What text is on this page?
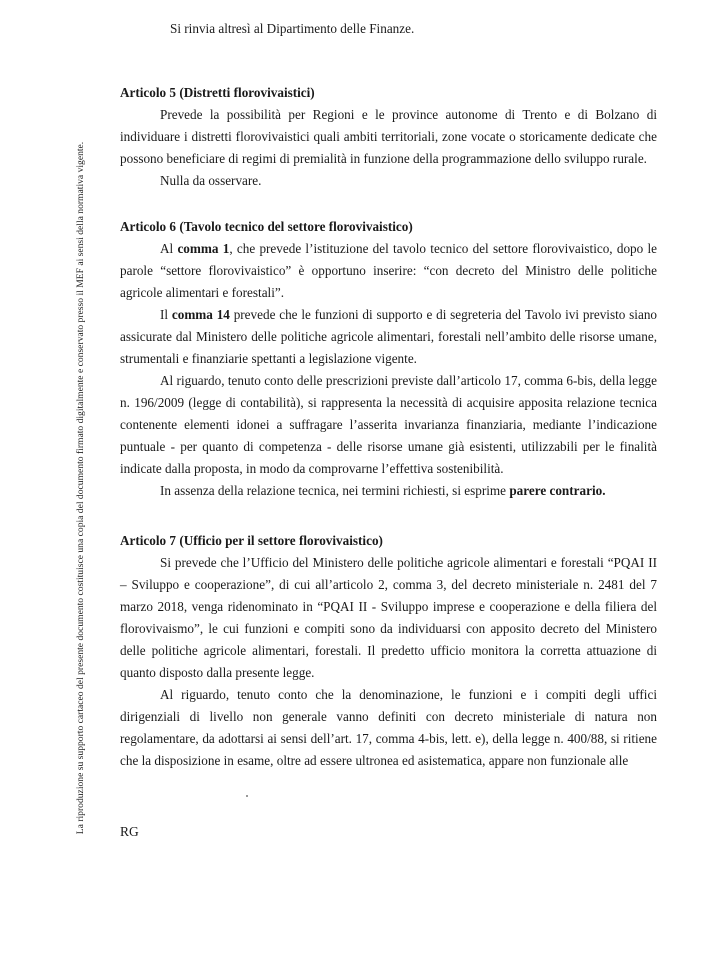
La riproduzione su supporto cartaceo del presente documento costituisce una copia del documento firmato digitalmente e conservato presso il MEF ai sensi della normativa vigente.

Si rinvia altresì al Dipartimento delle Finanze.

Articolo 5 (Distretti florovivaistici)

Prevede la possibilità per Regioni e le province autonome di Trento e di Bolzano di individuare i distretti florovivaistici quali ambiti territoriali, zone vocate o storicamente dedicate che possono beneficiare di regimi di premialità in funzione della programmazione dello sviluppo rurale.

Nulla da osservare.

Articolo 6 (Tavolo tecnico del settore florovivaistico)

Al comma 1, che prevede l’istituzione del tavolo tecnico del settore florovivaistico, dopo le parole “settore florovivaistico” è opportuno inserire: “con decreto del Ministro delle politiche agricole alimentari e forestali”.

Il comma 14 prevede che le funzioni di supporto e di segreteria del Tavolo ivi previsto siano assicurate dal Ministero delle politiche agricole alimentari, forestali nell’ambito delle risorse umane, strumentali e finanziarie spettanti a legislazione vigente.

Al riguardo, tenuto conto delle prescrizioni previste dall’articolo 17, comma 6-bis, della legge n. 196/2009 (legge di contabilità), si rappresenta la necessità di acquisire apposita relazione tecnica contenente elementi idonei a suffragare l’asserita invarianza finanziaria, mediante l’indicazione puntuale - per quanto di competenza - delle risorse umane già esistenti, utilizzabili per le finalità indicate dalla proposta, in modo da comprovarne l’effettiva sostenibilità.

In assenza della relazione tecnica, nei termini richiesti, si esprime parere contrario.

Articolo 7 (Ufficio per il settore florovivaistico)

Si prevede che l’Ufficio del Ministero delle politiche agricole alimentari e forestali “PQAI II – Sviluppo e cooperazione”, di cui all’articolo 2, comma 3, del decreto ministeriale n. 2481 del 7 marzo 2018, venga ridenominato in “PQAI II - Sviluppo imprese e cooperazione e della filiera del florovivaismo”, le cui funzioni e compiti sono da individuarsi con apposito decreto del Ministero delle politiche agricole alimentari, forestali. Il predetto ufficio monitora la corretta attuazione di quanto disposto dalla presente legge.

Al riguardo, tenuto conto che la denominazione, le funzioni e i compiti degli uffici dirigenziali di livello non generale vanno definiti con decreto ministeriale di natura non regolamentare, da adottarsi ai sensi dell’art. 17, comma 4-bis, lett. e), della legge n. 400/88, si ritiene che la disposizione in esame, oltre ad essere ultronea ed asistematica, appare non funzionale alle

RG
